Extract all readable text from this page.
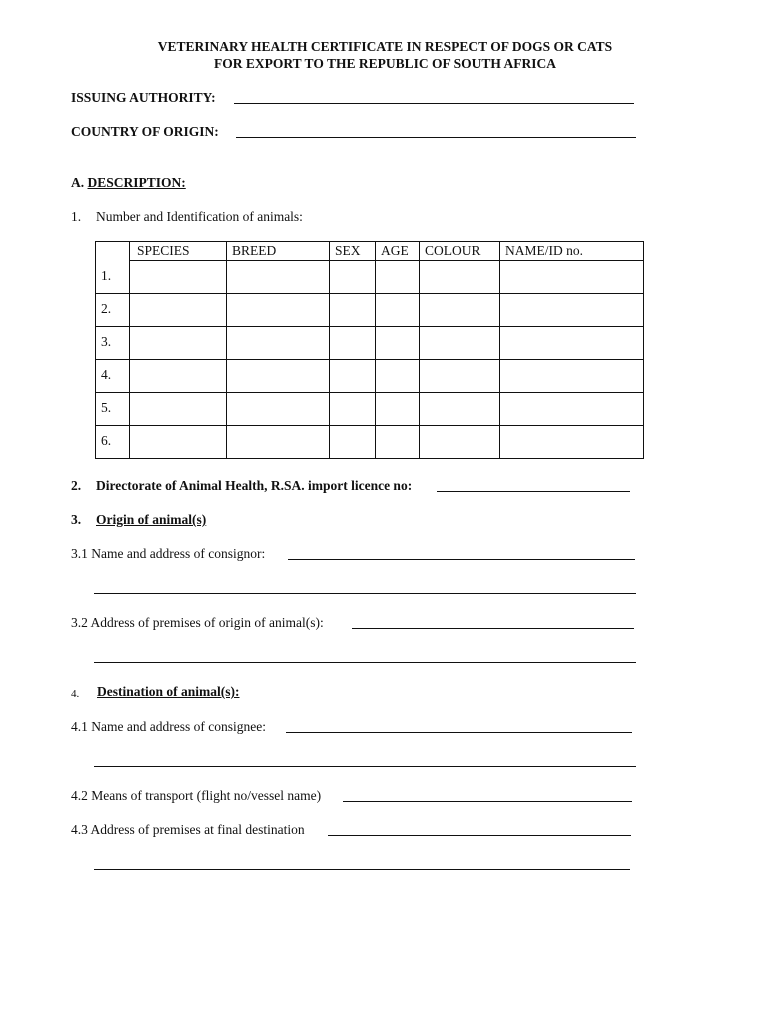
VETERINARY HEALTH CERTIFICATE IN RESPECT OF DOGS OR CATS
FOR EXPORT TO THE REPUBLIC OF SOUTH AFRICA
ISSUING AUTHORITY:
COUNTRY OF ORIGIN:
A. DESCRIPTION:
1. Number and Identification of animals:
	SPECIES	BREED	SEX	AGE	COLOUR	NAME/ID no.
1.						
2.						
3.						
4.						
5.						
6.						
2. Directorate of Animal Health, R.SA. import licence no:
3. Origin of animal(s)
3.1 Name and address of consignor:
3.2 Address of premises of origin of animal(s):
4. Destination of animal(s):
4.1 Name and address of consignee:
4.2 Means of transport (flight no/vessel name)
4.3 Address of premises at final destination
